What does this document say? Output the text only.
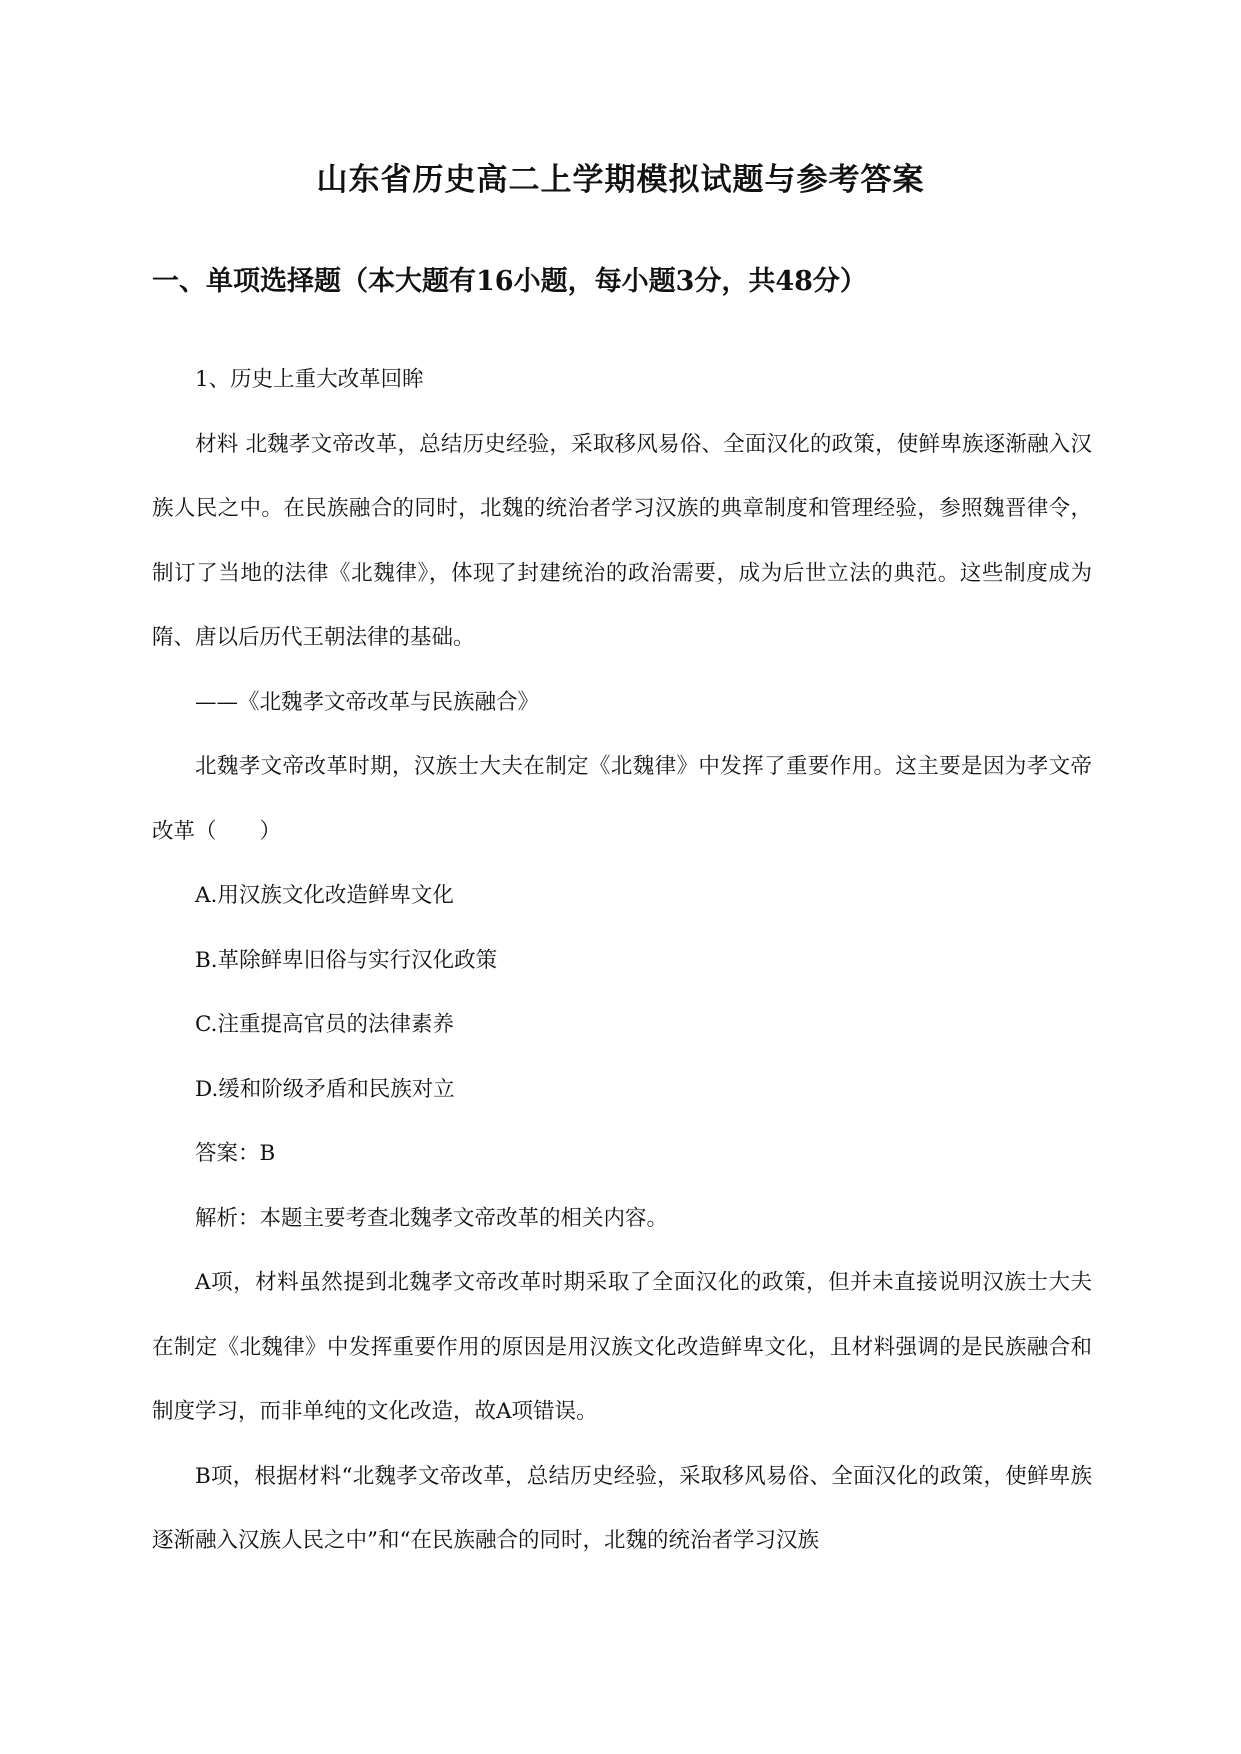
山东省历史高二上学期模拟试题与参考答案
一、单项选择题（本大题有16小题，每小题3分，共48分）

1、历史上重大改革回眸

材料 北魏孝文帝改革，总结历史经验，采取移风易俗、全面汉化的政策，使鲜卑族逐渐融入汉族人民之中。在民族融合的同时，北魏的统治者学习汉族的典章制度和管理经验，参照魏晋律令，制订了当地的法律《北魏律》，体现了封建统治的政治需要，成为后世立法的典范。这些制度成为隋、唐以后历代王朝法律的基础。

——《北魏孝文帝改革与民族融合》

北魏孝文帝改革时期，汉族士大夫在制定《北魏律》中发挥了重要作用。这主要是因为孝文帝改革（　　）

A.用汉族文化改造鲜卑文化

B.革除鲜卑旧俗与实行汉化政策

C.注重提高官员的法律素养

D.缓和阶级矛盾和民族对立

答案：B

解析：本题主要考查北魏孝文帝改革的相关内容。

A项，材料虽然提到北魏孝文帝改革时期采取了全面汉化的政策，但并未直接说明汉族士大夫在制定《北魏律》中发挥重要作用的原因是用汉族文化改造鲜卑文化，且材料强调的是民族融合和制度学习，而非单纯的文化改造，故A项错误。

B项，根据材料“北魏孝文帝改革，总结历史经验，采取移风易俗、全面汉化的政策，使鲜卑族逐渐融入汉族人民之中”和“在民族融合的同时，北魏的统治者学习汉族
